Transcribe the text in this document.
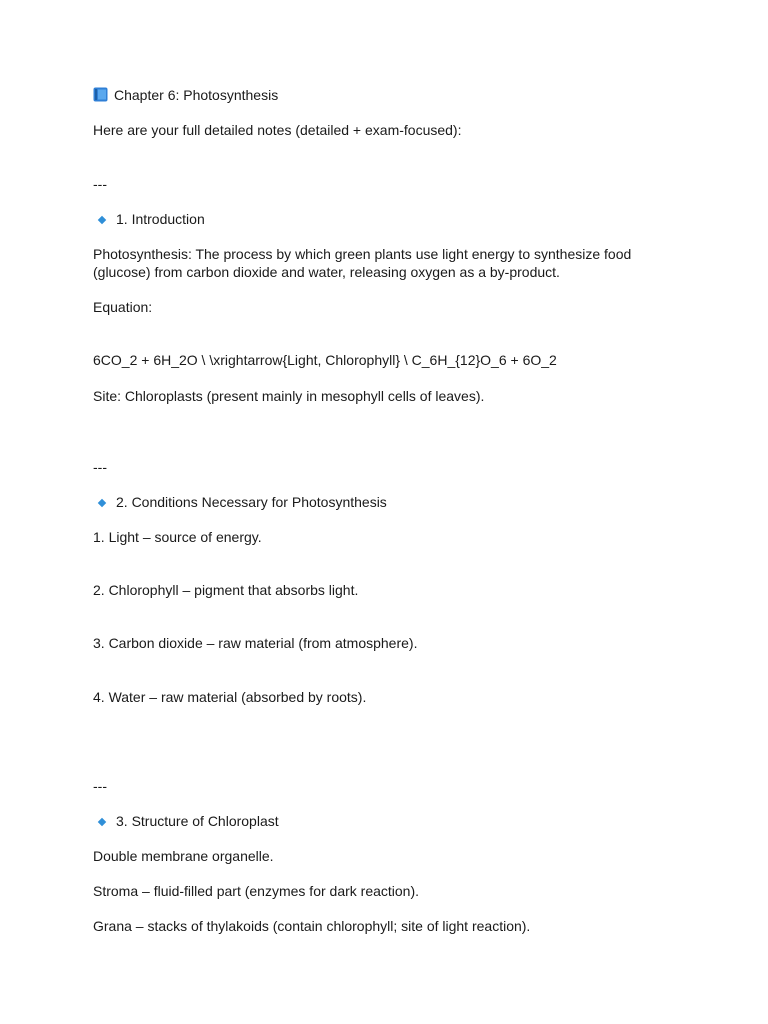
Chapter 6: Photosynthesis

Here are your full detailed notes (detailed + exam-focused):

---

1. Introduction

Photosynthesis: The process by which green plants use light energy to synthesize food (glucose) from carbon dioxide and water, releasing oxygen as a by-product.

Equation:

6CO_2 + 6H_2O \ \xrightarrow{Light, Chlorophyll} \ C_6H_{12}O_6 + 6O_2

Site: Chloroplasts (present mainly in mesophyll cells of leaves).

---

2. Conditions Necessary for Photosynthesis

1. Light – source of energy.

2. Chlorophyll – pigment that absorbs light.

3. Carbon dioxide – raw material (from atmosphere).

4. Water – raw material (absorbed by roots).

---

3. Structure of Chloroplast

Double membrane organelle.

Stroma – fluid-filled part (enzymes for dark reaction).

Grana – stacks of thylakoids (contain chlorophyll; site of light reaction).
